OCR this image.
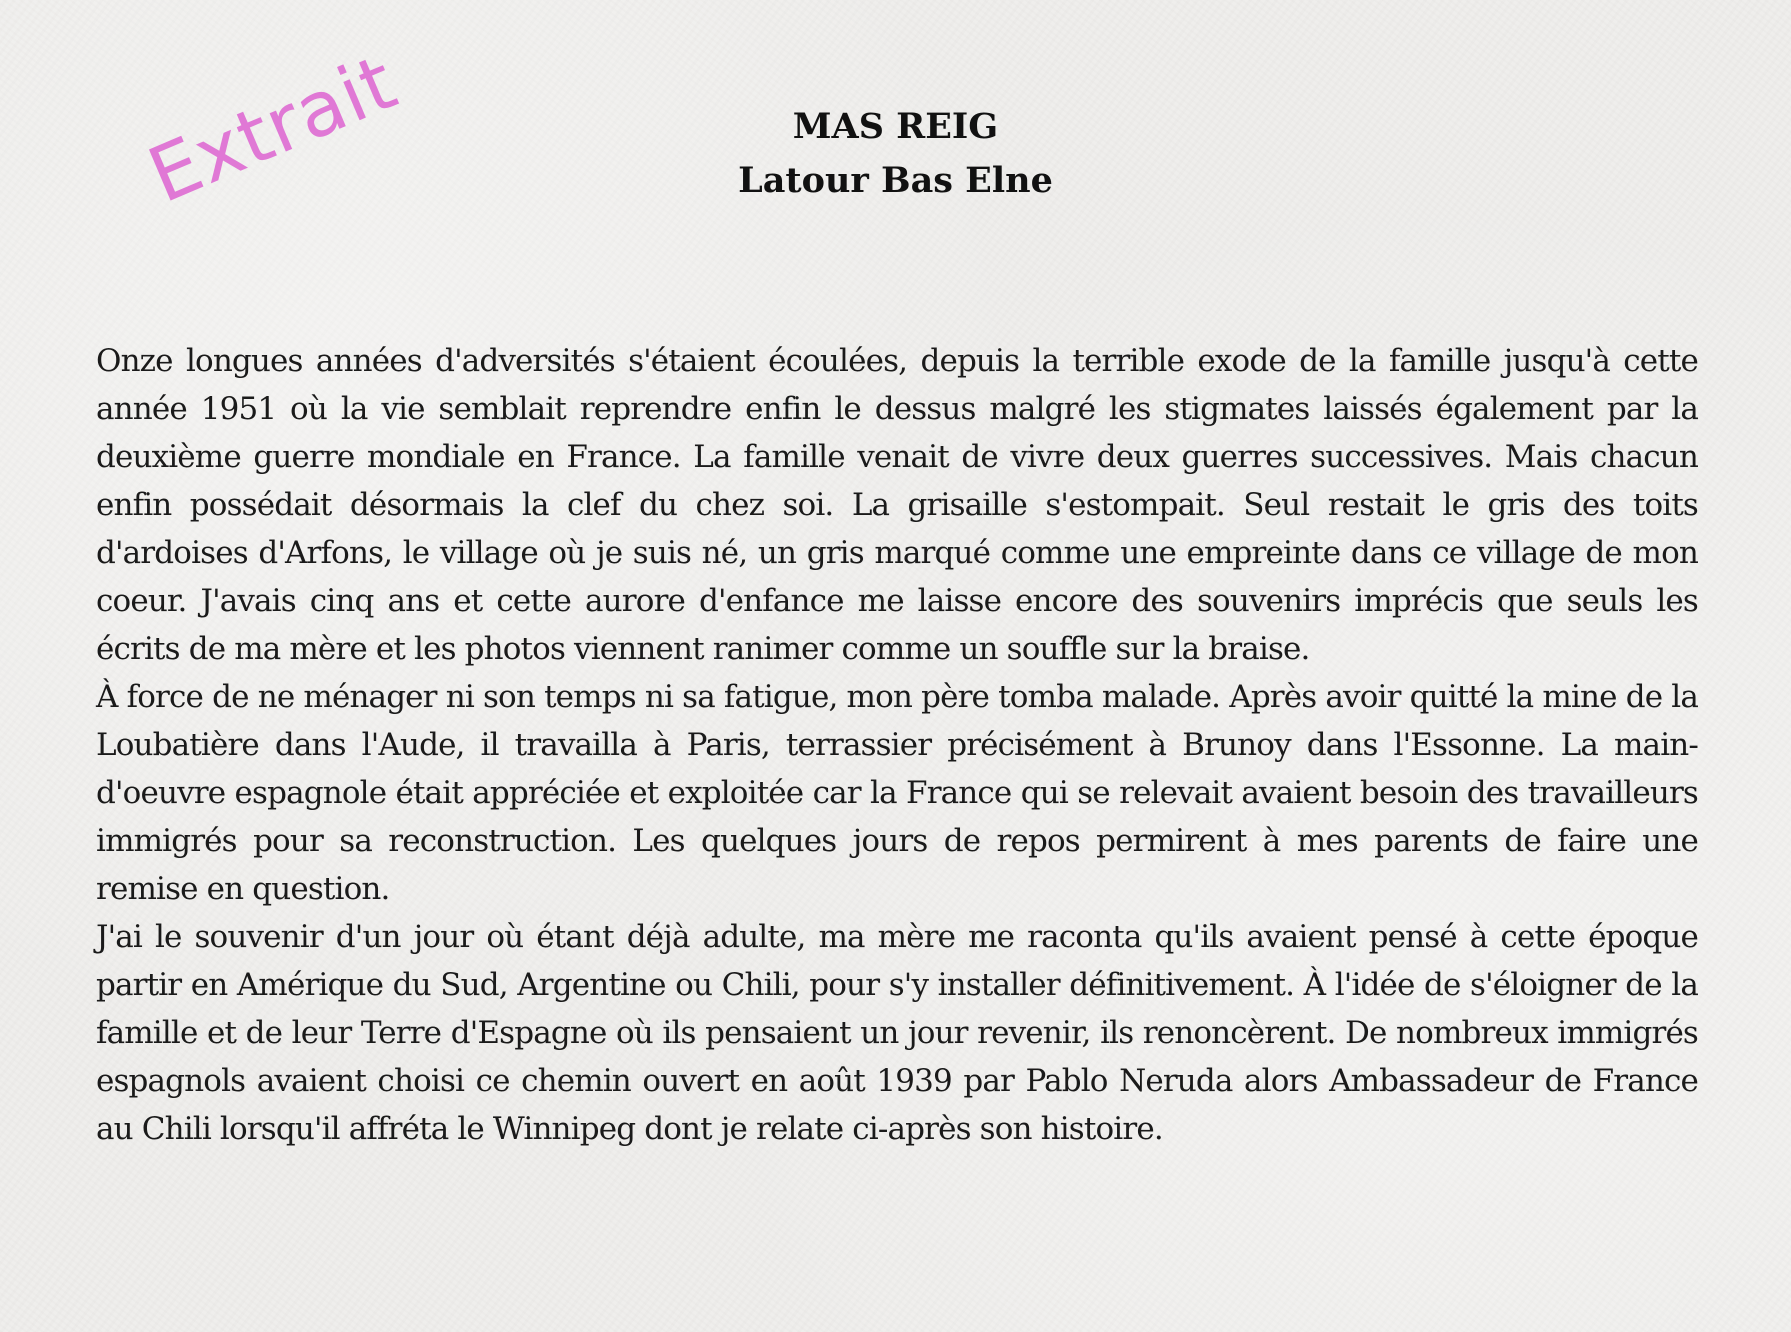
Extrait	MAS REIG
Latour Bas Elne

Onze longues années d'adversités s'étaient écoulées, depuis la terrible exode de la famille jusqu'à cette année 1951 où la vie semblait reprendre enfin le dessus malgré les stigmates laissés également par la deuxième guerre mondiale en France. La famille venait de vivre deux guerres successives. Mais chacun enfin possédait désormais la clef du chez soi. La grisaille s'estompait. Seul restait le gris des toits d'ardoises d'Arfons, le village où je suis né, un gris marqué comme une empreinte dans ce village de mon coeur. J'avais cinq ans et cette aurore d'enfance me laisse encore des souvenirs imprécis que seuls les écrits de ma mère et les photos viennent ranimer comme un souffle sur la braise.

À force de ne ménager ni son temps ni sa fatigue, mon père tomba malade. Après avoir quitté la mine de la Loubatière dans l'Aude, il travailla à Paris, terrassier précisément à Brunoy dans l'Essonne. La main-d'oeuvre espagnole était appréciée et exploitée car la France qui se relevait avaient besoin des travailleurs immigrés pour sa reconstruction. Les quelques jours de repos permirent à mes parents de faire une remise en question.

J'ai le souvenir d'un jour où étant déjà adulte, ma mère me raconta qu'ils avaient pensé à cette époque partir en Amérique du Sud, Argentine ou Chili, pour s'y installer définitivement. À l'idée de s'éloigner de la famille et de leur Terre d'Espagne où ils pensaient un jour revenir, ils renoncèrent. De nombreux immigrés espagnols avaient choisi ce chemin ouvert en août 1939 par Pablo Neruda alors Ambassadeur de France au Chili lorsqu'il affréta le Winnipeg dont je relate ci-après son histoire.
